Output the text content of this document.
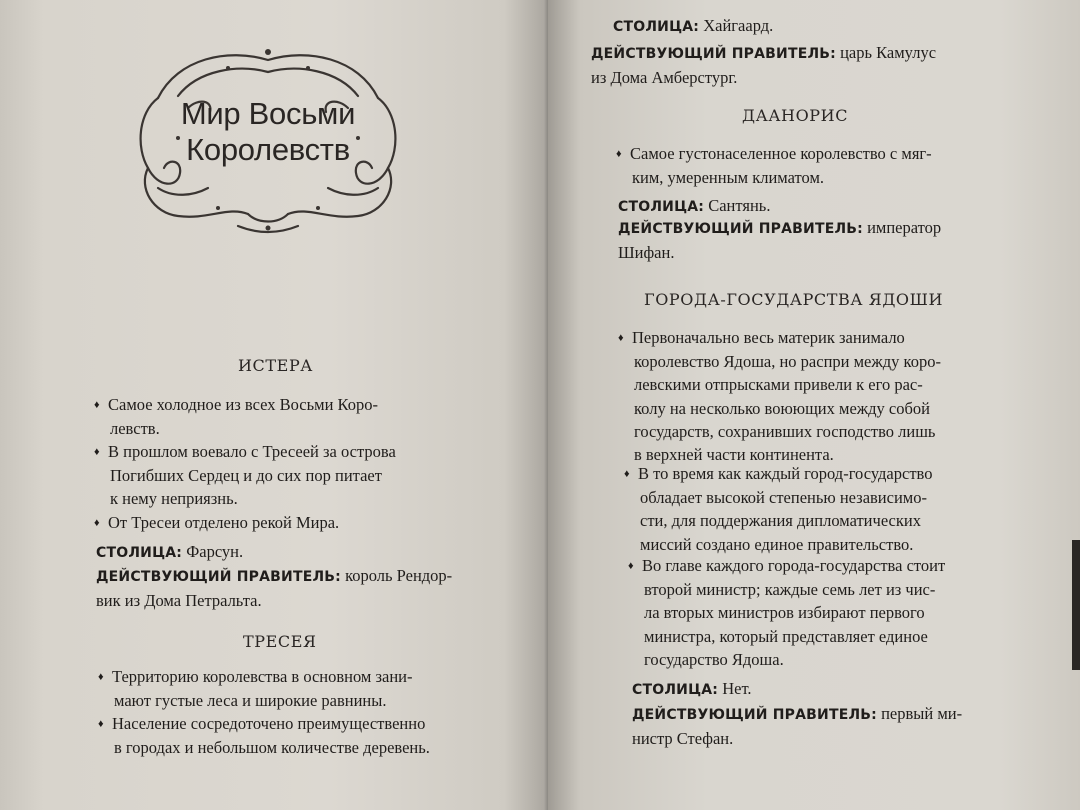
Мир Восьми
Королевств
ИСТЕРА
♦ Самое холодное из всех Восьми Коро-
левств.
♦ В прошлом воевало с Тресеей за острова
Погибших Сердец и до сих пор питает
к нему неприязнь.
♦ От Тресеи отделено рекой Мира.
СТОЛИЦА: Фарсун.
ДЕЙСТВУЮЩИЙ ПРАВИТЕЛЬ: король Рендор-
вик из Дома Петральта.
ТРЕСЕЯ
♦ Территорию королевства в основном зани-
мают густые леса и широкие равнины.
♦ Население сосредоточено преимущественно
в городах и небольшом количестве деревень.
СТОЛИЦА: Хайгаард.
ДЕЙСТВУЮЩИЙ ПРАВИТЕЛЬ: царь Камулус
из Дома Амберстург.
ДААНОРИС
♦ Самое густонаселенное королевство с мяг-
ким, умеренным климатом.
СТОЛИЦА: Сантянь.
ДЕЙСТВУЮЩИЙ ПРАВИТЕЛЬ: император
Шифан.
ГОРОДА-ГОСУДАРСТВА ЯДОШИ
♦ Первоначально весь материк занимало
королевство Ядоша, но распри между коро-
левскими отпрысками привели к его рас-
колу на несколько воюющих между собой
государств, сохранивших господство лишь
в верхней части континента.
♦ В то время как каждый город-государство
обладает высокой степенью независимо-
сти, для поддержания дипломатических
миссий создано единое правительство.
♦ Во главе каждого города-государства стоит
второй министр; каждые семь лет из чис-
ла вторых министров избирают первого
министра, который представляет единое
государство Ядоша.
СТОЛИЦА: Нет.
ДЕЙСТВУЮЩИЙ ПРАВИТЕЛЬ: первый ми-
нистр Стефан.
